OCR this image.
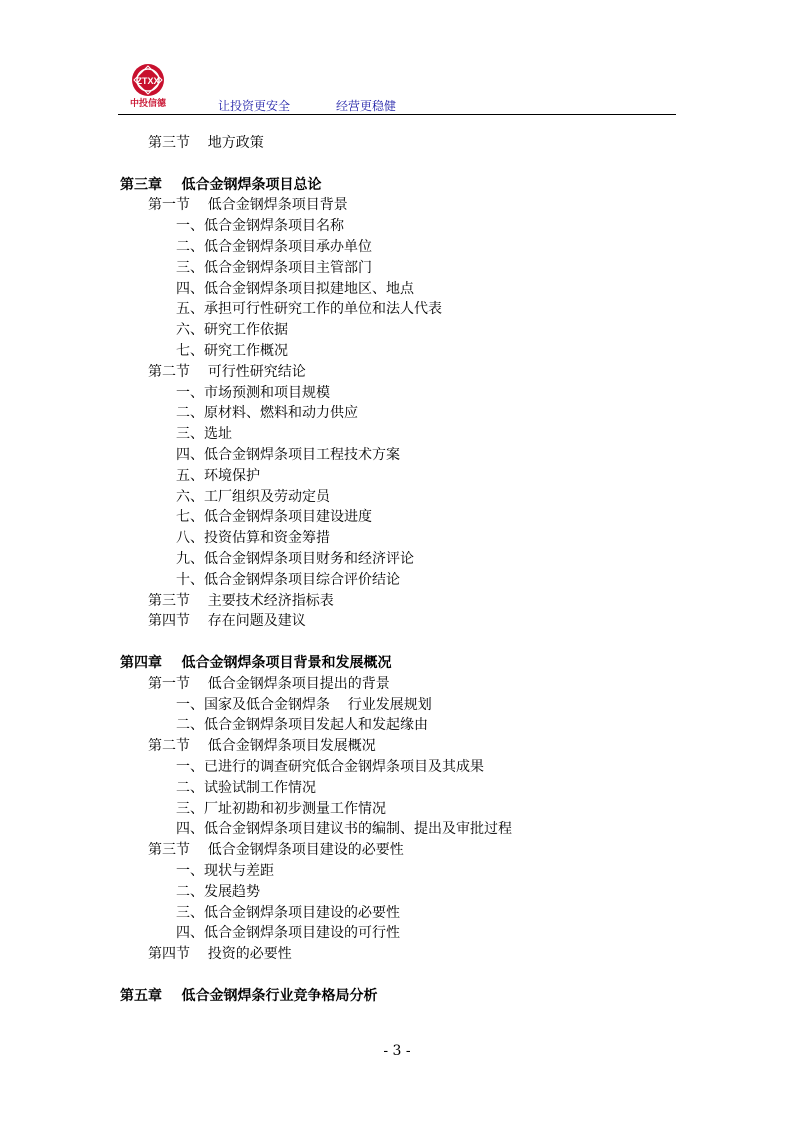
ZTXX
中投信德	让投资更安全	经营更稳健
第三节    地方政策
第三章    低合金钢焊条项目总论
第一节    低合金钢焊条项目背景
一、低合金钢焊条项目名称
二、低合金钢焊条项目承办单位
三、低合金钢焊条项目主管部门
四、低合金钢焊条项目拟建地区、地点
五、承担可行性研究工作的单位和法人代表
六、研究工作依据
七、研究工作概况
第二节    可行性研究结论
一、市场预测和项目规模
二、原材料、燃料和动力供应
三、选址
四、低合金钢焊条项目工程技术方案
五、环境保护
六、工厂组织及劳动定员
七、低合金钢焊条项目建设进度
八、投资估算和资金筹措
九、低合金钢焊条项目财务和经济评论
十、低合金钢焊条项目综合评价结论
第三节    主要技术经济指标表
第四节    存在问题及建议
第四章    低合金钢焊条项目背景和发展概况
第一节    低合金钢焊条项目提出的背景
一、国家及低合金钢焊条    行业发展规划
二、低合金钢焊条项目发起人和发起缘由
第二节    低合金钢焊条项目发展概况
一、已进行的调查研究低合金钢焊条项目及其成果
二、试验试制工作情况
三、厂址初勘和初步测量工作情况
四、低合金钢焊条项目建议书的编制、提出及审批过程
第三节    低合金钢焊条项目建设的必要性
一、现状与差距
二、发展趋势
三、低合金钢焊条项目建设的必要性
四、低合金钢焊条项目建设的可行性
第四节    投资的必要性
第五章    低合金钢焊条行业竞争格局分析
- 3 -
